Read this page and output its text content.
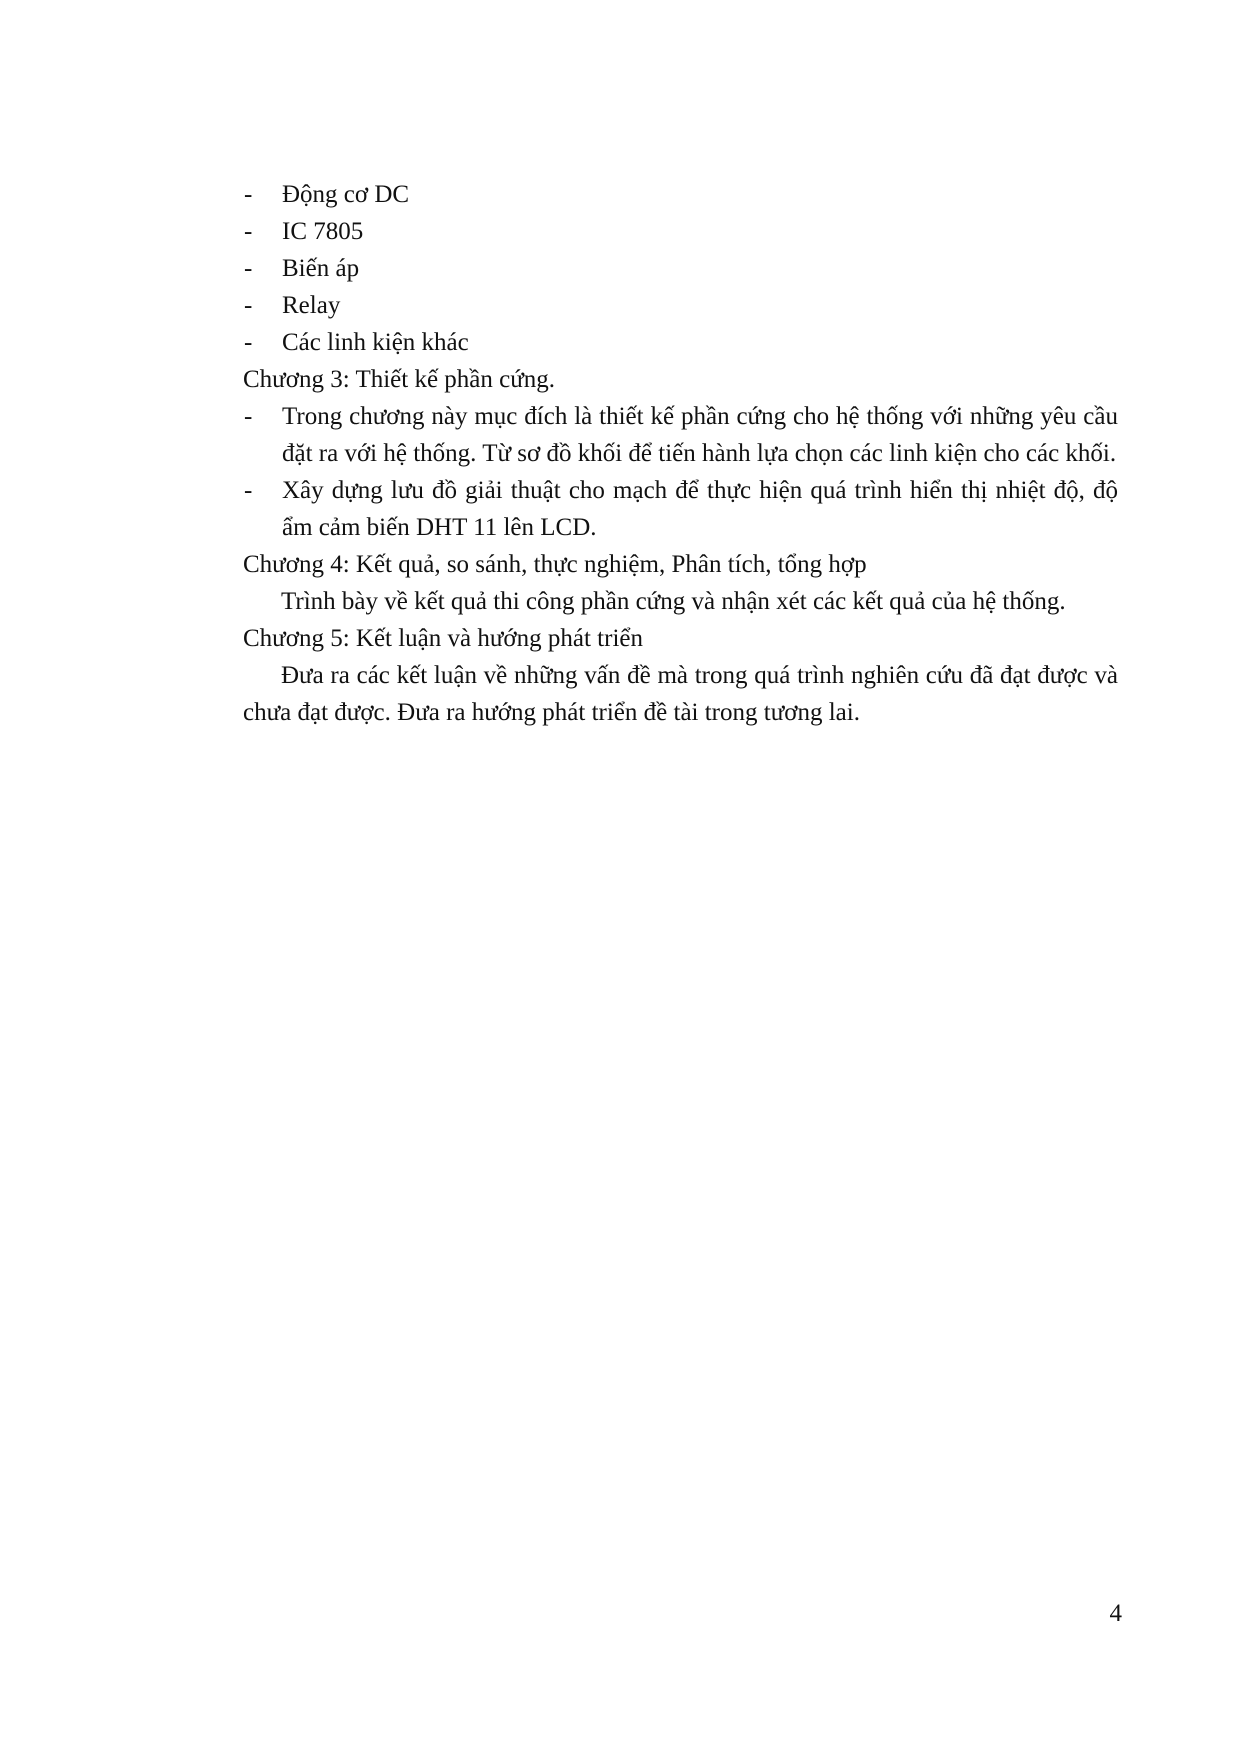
-	Động cơ DC
-	IC 7805
-	Biến áp
-	Relay
-	Các linh kiện khác
Chương 3: Thiết kế phần cứng.
-	Trong chương này mục đích là thiết kế phần cứng cho hệ thống với những yêu cầu đặt ra với hệ thống. Từ sơ đồ khối để tiến hành lựa chọn các linh kiện cho các khối.
-	Xây dựng lưu đồ giải thuật cho mạch để thực hiện quá trình hiển thị nhiệt độ, độ ẩm cảm biến DHT 11 lên LCD.
Chương 4: Kết quả, so sánh, thực nghiệm, Phân tích, tổng hợp
Trình bày về kết quả thi công phần cứng và nhận xét các kết quả của hệ thống.
Chương 5: Kết luận và hướng phát triển
Đưa ra các kết luận về những vấn đề mà trong quá trình nghiên cứu đã đạt được và chưa đạt được. Đưa ra hướng phát triển đề tài trong tương lai.
4
